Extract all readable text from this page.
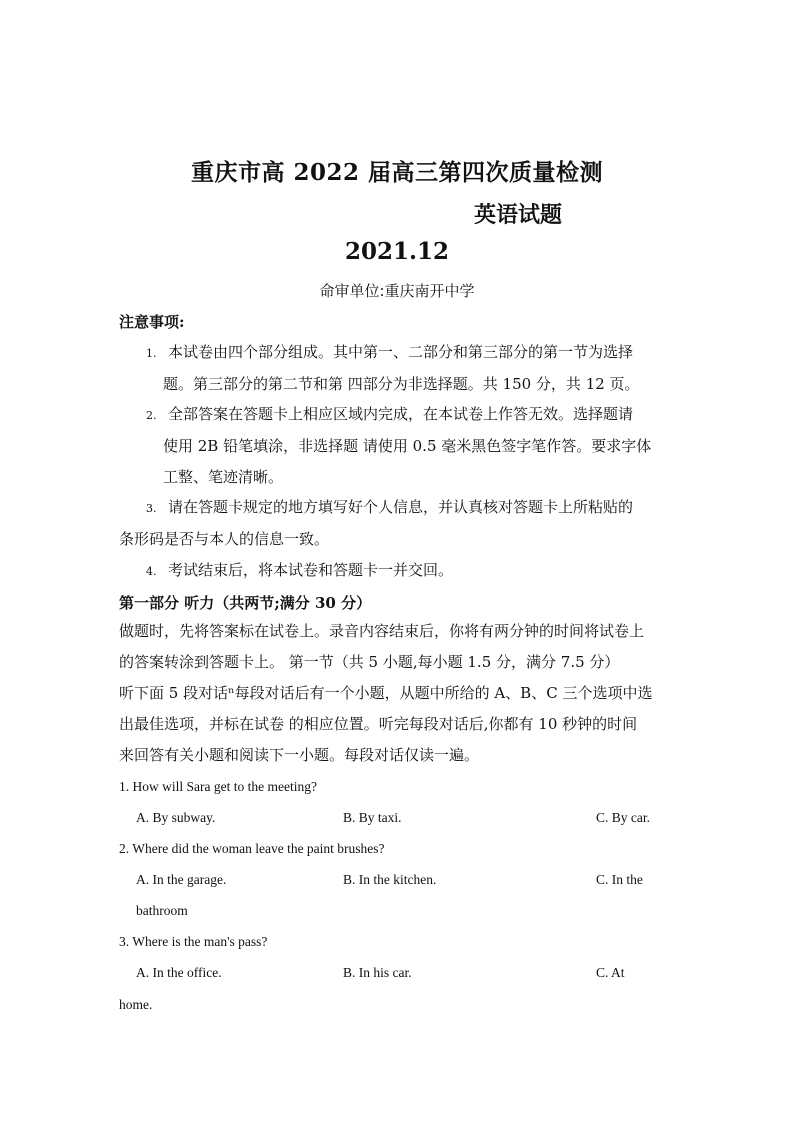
重庆市高 2022 届高三第四次质量检测
英语试题
2021.12
命审单位:重庆南开中学
注意事项:
1. 本试卷由四个部分组成。其中第一、二部分和第三部分的第一节为选择
题。第三部分的第二节和第 四部分为非选择题。共 150 分，共 12 页。
2. 全部答案在答题卡上相应区域内完成，在本试卷上作答无效。选择题请
使用 2B 铅笔填涂，非选择题 请使用 0.5 毫米黑色签字笔作答。要求字体
工整、笔迹清晰。
3. 请在答题卡规定的地方填写好个人信息，并认真核对答题卡上所粘贴的
条形码是否与本人的信息一致。
4. 考试结束后，将本试卷和答题卡一并交回。
第一部分 听力（共两节;满分 30 分）
做题时，先将答案标在试卷上。录音内容结束后，你将有两分钟的时间将试卷上
的答案转涂到答题卡上。 第一节（共 5 小题,每小题 1.5 分，满分 7.5 分）
听下面 5 段对话ⁿ每段对话后有一个小题，从题中所给的 A、B、C 三个选项中选
出最佳选项，并标在试卷 的相应位置。听完每段对话后,你都有 10 秒钟的时间
来回答有关小题和阅读下一小题。每段对话仅读一遍。
1. How will Sara get to the meeting?
A. By subway.	B. By taxi.	C. By car.
2. Where did the woman leave the paint brushes?
A. In the garage.	B. In the kitchen.	C. In the
bathroom
3. Where is the man's pass?
A. In the office.	B. In his car.	C. At
home.
